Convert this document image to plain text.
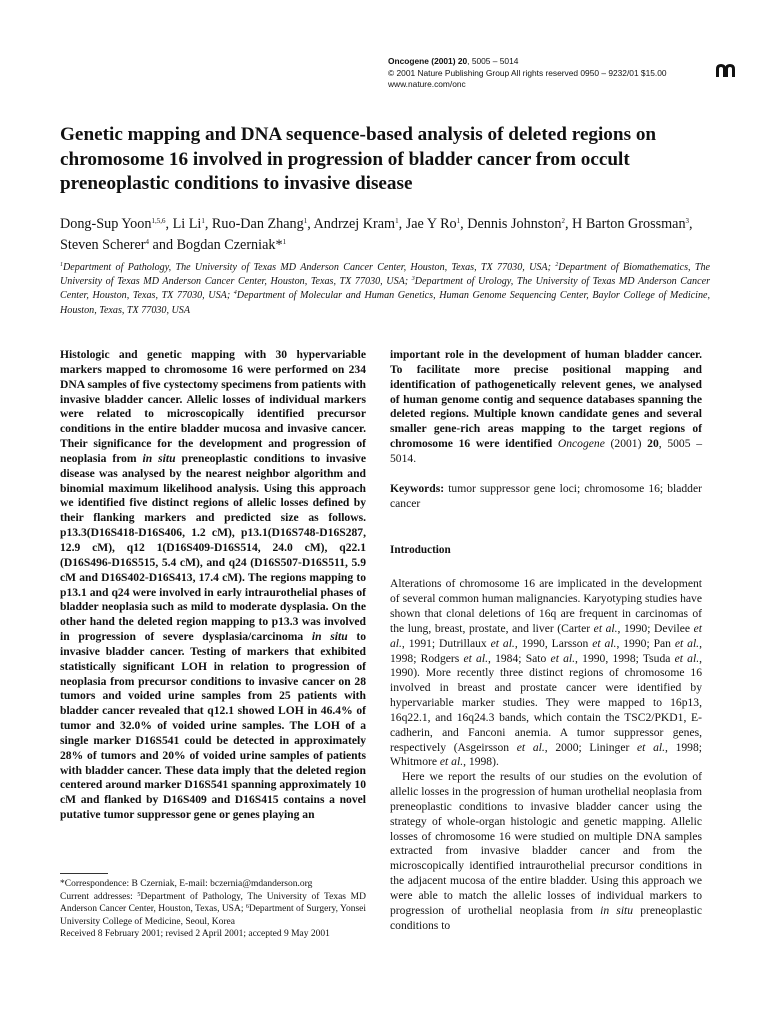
Oncogene (2001) 20, 5005 – 5014
© 2001 Nature Publishing Group All rights reserved 0950 – 9232/01 $15.00
www.nature.com/onc
Genetic mapping and DNA sequence-based analysis of deleted regions on chromosome 16 involved in progression of bladder cancer from occult preneoplastic conditions to invasive disease
Dong-Sup Yoon$^{1,5,6}$, Li Li$^1$, Ruo-Dan Zhang$^1$, Andrzej Kram$^1$, Jae Y Ro$^1$, Dennis Johnston$^2$, H Barton Grossman$^3$, Steven Scherer$^4$ and Bogdan Czerniak*$^1$
$^1$Department of Pathology, The University of Texas MD Anderson Cancer Center, Houston, Texas, TX 77030, USA; $^2$Department of Biomathematics, The University of Texas MD Anderson Cancer Center, Houston, Texas, TX 77030, USA; $^3$Department of Urology, The University of Texas MD Anderson Cancer Center, Houston, Texas, TX 77030, USA; $^4$Department of Molecular and Human Genetics, Human Genome Sequencing Center, Baylor College of Medicine, Houston, Texas, TX 77030, USA
Histologic and genetic mapping with 30 hypervariable markers mapped to chromosome 16 were performed on 234 DNA samples of five cystectomy specimens from patients with invasive bladder cancer. Allelic losses of individual markers were related to microscopically identified precursor conditions in the entire bladder mucosa and invasive cancer. Their significance for the development and progression of neoplasia from in situ preneoplastic conditions to invasive disease was analysed by the nearest neighbor algorithm and binomial maximum likelihood analysis. Using this approach we identified five distinct regions of allelic losses defined by their flanking markers and predicted size as follows. p13.3(D16S418-D16S406, 1.2 cM), p13.1(D16S748-D16S287, 12.9 cM), q12 1(D16S409-D16S514, 24.0 cM), q22.1 (D16S496-D16S515, 5.4 cM), and q24 (D16S507-D16S511, 5.9 cM and D16S402-D16S413, 17.4 cM). The regions mapping to p13.1 and q24 were involved in early intraurothelial phases of bladder neoplasia such as mild to moderate dysplasia. On the other hand the deleted region mapping to p13.3 was involved in progression of severe dysplasia/carcinoma in situ to invasive bladder cancer. Testing of markers that exhibited statistically significant LOH in relation to progression of neoplasia from precursor conditions to invasive cancer on 28 tumors and voided urine samples from 25 patients with bladder cancer revealed that q12.1 showed LOH in 46.4% of tumor and 32.0% of voided urine samples. The LOH of a single marker D16S541 could be detected in approximately 28% of tumors and 20% of voided urine samples of patients with bladder cancer. These data imply that the deleted region centered around marker D16S541 spanning approximately 10 cM and flanked by D16S409 and D16S415 contains a novel putative tumor suppressor gene or genes playing an
important role in the development of human bladder cancer. To facilitate more precise positional mapping and identification of pathogenetically relevent genes, we analysed of human genome contig and sequence databases spanning the deleted regions. Multiple known candidate genes and several smaller gene-rich areas mapping to the target regions of chromosome 16 were identified Oncogene (2001) 20, 5005 – 5014.
Keywords: tumor suppressor gene loci; chromosome 16; bladder cancer
Introduction
Alterations of chromosome 16 are implicated in the development of several common human malignancies. Karyotyping studies have shown that clonal deletions of 16q are frequent in carcinomas of the lung, breast, prostate, and liver (Carter et al., 1990; Devilee et al., 1991; Dutrillaux et al., 1990, Larsson et al., 1990; Pan et al., 1998; Rodgers et al., 1984; Sato et al., 1990, 1998; Tsuda et al., 1990). More recently three distinct regions of chromosome 16 involved in breast and prostate cancer were identified by hypervariable marker studies. They were mapped to 16p13, 16q22.1, and 16q24.3 bands, which contain the TSC2/PKD1, E-cadherin, and Fanconi anemia. A tumor suppressor genes, respectively (Asgeirsson et al., 2000; Lininger et al., 1998; Whitmore et al., 1998).
Here we report the results of our studies on the evolution of allelic losses in the progression of human urothelial neoplasia from preneoplastic conditions to invasive bladder cancer using the strategy of whole-organ histologic and genetic mapping. Allelic losses of chromosome 16 were studied on multiple DNA samples extracted from invasive bladder cancer and from the microscopically identified intraurothelial precursor conditions in the adjacent mucosa of the entire bladder. Using this approach we were able to match the allelic losses of individual markers to progression of urothelial neoplasia from in situ preneoplastic conditions to
*Correspondence: B Czerniak, E-mail: bczernia@mdanderson.org
Current addresses: $^5$Department of Pathology, The University of Texas MD Anderson Cancer Center, Houston, Texas, USA; $^6$Department of Surgery, Yonsei University College of Medicine, Seoul, Korea
Received 8 February 2001; revised 2 April 2001; accepted 9 May 2001
